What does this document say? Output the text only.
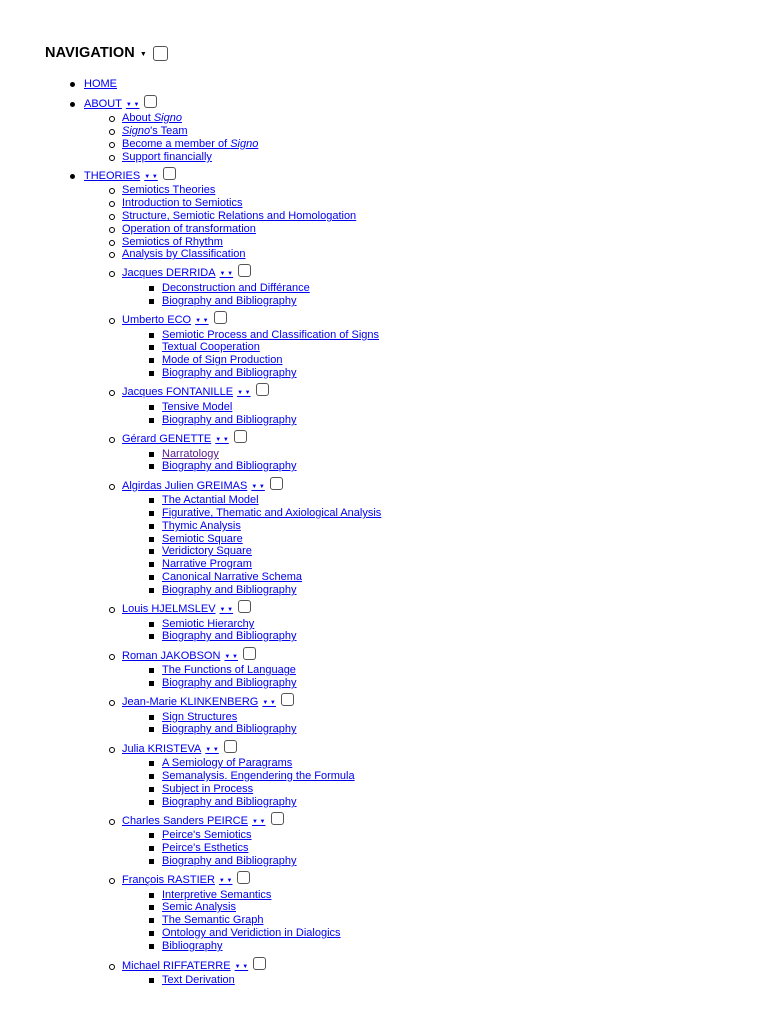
NAVIGATION ▼
HOME
ABOUT ▼ ▼
About Signo
Signo's Team
Become a member of Signo
Support financially
THEORIES ▼ ▼
Semiotics Theories
Introduction to Semiotics
Structure, Semiotic Relations and Homologation
Operation of transformation
Semiotics of Rhythm
Analysis by Classification
Jacques DERRIDA ▼ ▼
Deconstruction and Différance
Biography and Bibliography
Umberto ECO ▼ ▼
Semiotic Process and Classification of Signs
Textual Cooperation
Mode of Sign Production
Biography and Bibliography
Jacques FONTANILLE ▼ ▼
Tensive Model
Biography and Bibliography
Gérard GENETTE ▼ ▼
Narratology
Biography and Bibliography
Algirdas Julien GREIMAS ▼ ▼
The Actantial Model
Figurative, Thematic and Axiological Analysis
Thymic Analysis
Semiotic Square
Veridictory Square
Narrative Program
Canonical Narrative Schema
Biography and Bibliography
Louis HJELMSLEV ▼ ▼
Semiotic Hierarchy
Biography and Bibliography
Roman JAKOBSON ▼ ▼
The Functions of Language
Biography and Bibliography
Jean-Marie KLINKENBERG ▼ ▼
Sign Structures
Biography and Bibliography
Julia KRISTEVA ▼ ▼
A Semiology of Paragrams
Semanalysis. Engendering the Formula
Subject in Process
Biography and Bibliography
Charles Sanders PEIRCE ▼ ▼
Peirce's Semiotics
Peirce's Esthetics
Biography and Bibliography
François RASTIER ▼ ▼
Interpretive Semantics
Semic Analysis
The Semantic Graph
Ontology and Veridiction in Dialogics
Bibliography
Michael RIFFATERRE ▼ ▼
Text Derivation
